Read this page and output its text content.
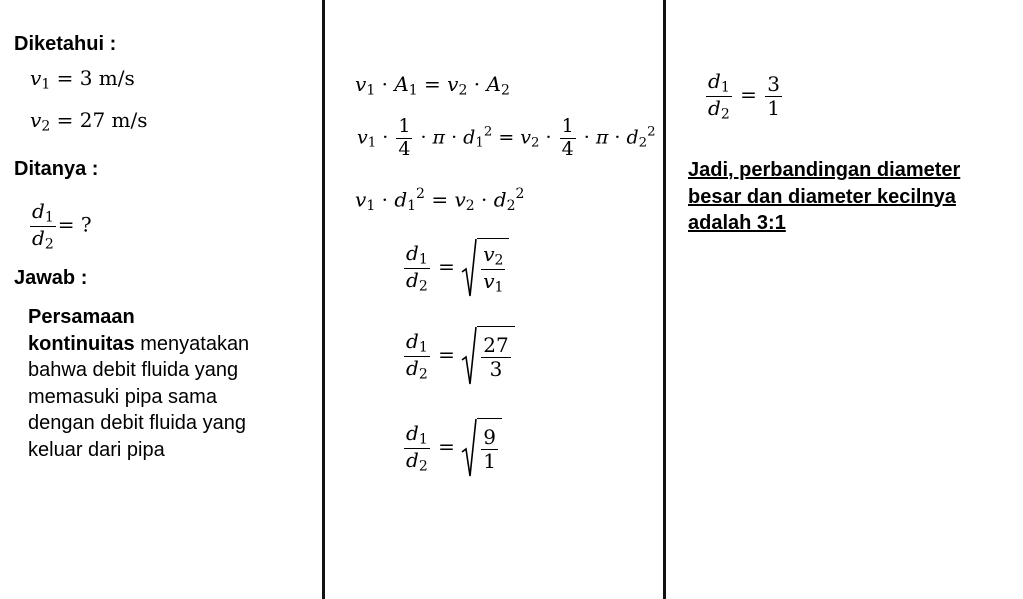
Diketahui :
$v_1 = 3$ m/s
$v_2 = 27$ m/s
Ditanya :
$\frac{d_1}{d_2}$ = ?
Jawab :
Persamaan
kontinuitas menyatakan
bahwa debit fluida yang
memasuki pipa sama
dengan debit fluida yang
keluar dari pipa
$v_1 \cdot A_1 = v_2 \cdot A_2$
$v_1 \cdot \frac{1}{4} \cdot \pi \cdot d_1^2 = v_2 \cdot \frac{1}{4} \cdot \pi \cdot d_2^2$
$v_1 \cdot d_1^2 = v_2 \cdot d_2^2$
$\frac{d_1}{d_2} = \frac{v_2}{v_1}$
$\frac{d_1}{d_2} = \frac{27}{3}$
$\frac{d_1}{d_2} = \frac{9}{1}$
$\frac{d_1}{d_2} = \frac{3}{1}$
Jadi, perbandingan diameter
besar dan diameter kecilnya
adalah 3:1
